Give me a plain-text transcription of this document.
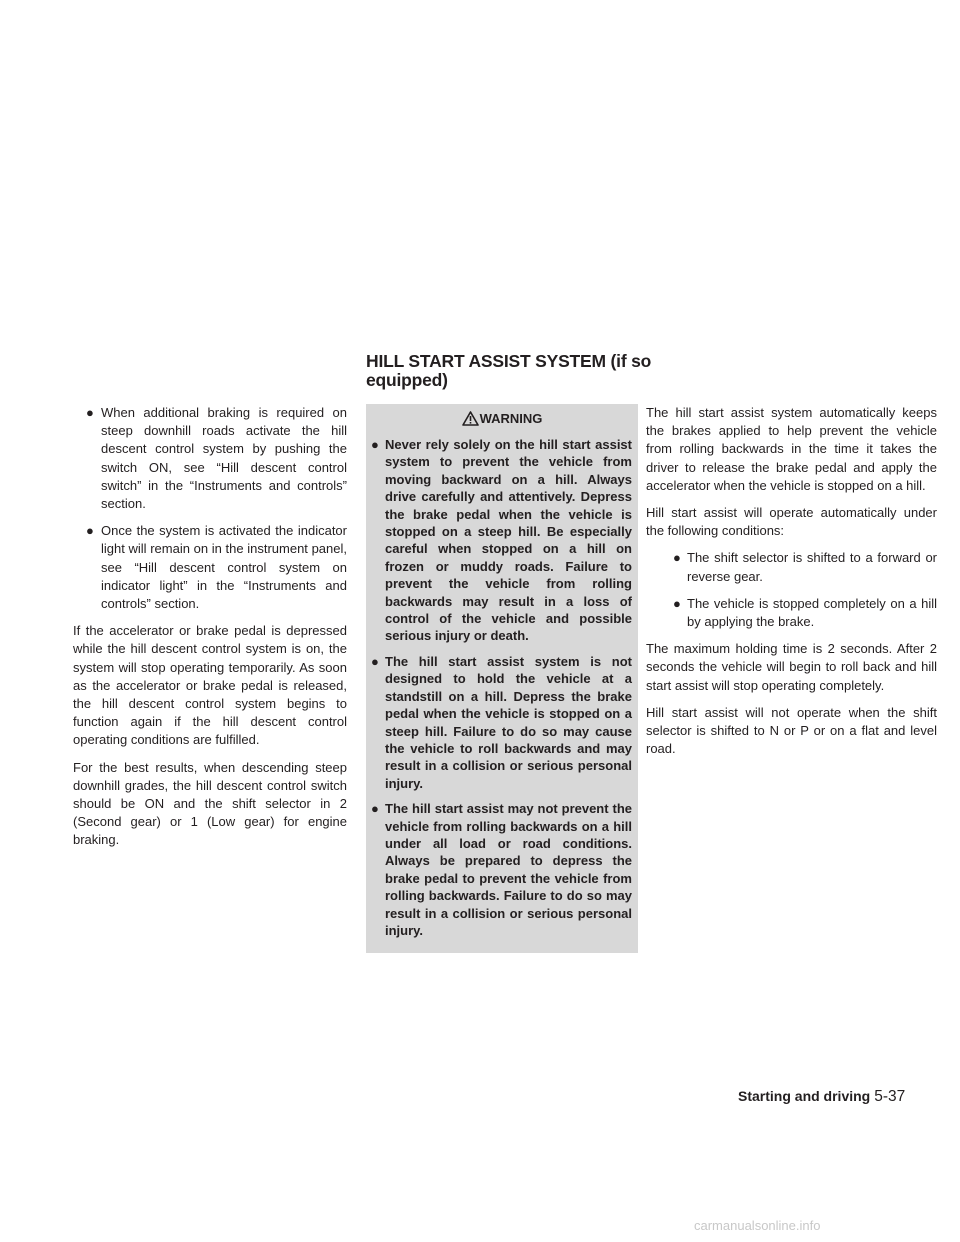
HILL START ASSIST SYSTEM (if so equipped)
● When additional braking is required on steep downhill roads activate the hill descent control system by pushing the switch ON, see “Hill descent control switch” in the “Instruments and controls” section.
● Once the system is activated the indicator light will remain on in the instrument panel, see “Hill descent control system on indicator light” in the “Instruments and controls” section.

If the accelerator or brake pedal is depressed while the hill descent control system is on, the system will stop operating temporarily. As soon as the accelerator or brake pedal is released, the hill descent control system begins to function again if the hill descent control operating conditions are fulfilled.

For the best results, when descending steep downhill grades, the hill descent control switch should be ON and the shift selector in 2 (Second gear) or 1 (Low gear) for engine braking.

WARNING
● Never rely solely on the hill start assist system to prevent the vehicle from moving backward on a hill. Always drive carefully and attentively. Depress the brake pedal when the vehicle is stopped on a steep hill. Be especially careful when stopped on a hill on frozen or muddy roads. Failure to prevent the vehicle from rolling backwards may result in a loss of control of the vehicle and possible serious injury or death.
● The hill start assist system is not designed to hold the vehicle at a standstill on a hill. Depress the brake pedal when the vehicle is stopped on a steep hill. Failure to do so may cause the vehicle to roll backwards and may result in a collision or serious personal injury.
● The hill start assist may not prevent the vehicle from rolling backwards on a hill under all load or road conditions. Always be prepared to depress the brake pedal to prevent the vehicle from rolling backwards. Failure to do so may result in a collision or serious personal injury.

The hill start assist system automatically keeps the brakes applied to help prevent the vehicle from rolling backwards in the time it takes the driver to release the brake pedal and apply the accelerator when the vehicle is stopped on a hill.

Hill start assist will operate automatically under the following conditions:

● The shift selector is shifted to a forward or reverse gear.
● The vehicle is stopped completely on a hill by applying the brake.

The maximum holding time is 2 seconds. After 2 seconds the vehicle will begin to roll back and hill start assist will stop operating completely.

Hill start assist will not operate when the shift selector is shifted to N or P or on a flat and level road.

Starting and driving 5-37
carmanualsonline.info
